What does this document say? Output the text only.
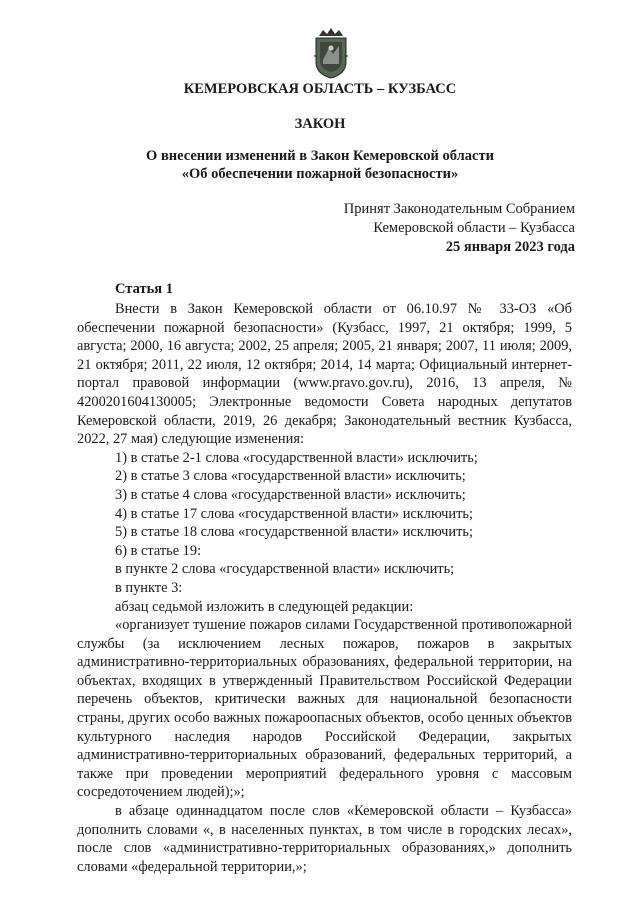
КЕМЕРОВСКАЯ ОБЛАСТЬ – КУЗБАСС
ЗАКОН
О внесении изменений в Закон Кемеровской области
«Об обеспечении пожарной безопасности»
Принят Законодательным Собранием
Кемеровской области – Кузбасса
25 января 2023 года
Статья 1

Внести в Закон Кемеровской области от 06.10.97 № 33-ОЗ «Об обеспечении пожарной безопасности» (Кузбасс, 1997, 21 октября; 1999, 5 августа; 2000, 16 августа; 2002, 25 апреля; 2005, 21 января; 2007, 11 июля; 2009, 21 октября; 2011, 22 июля, 12 октября; 2014, 14 марта; Официальный интернет-портал правовой информации (www.pravo.gov.ru), 2016, 13 апреля, № 4200201604130005; Электронные ведомости Совета народных депутатов Кемеровской области, 2019, 26 декабря; Законодательный вестник Кузбасса, 2022, 27 мая) следующие изменения:

1) в статье 2-1 слова «государственной власти» исключить;

2) в статье 3 слова «государственной власти» исключить;

3) в статье 4 слова «государственной власти» исключить;

4) в статье 17 слова «государственной власти» исключить;

5) в статье 18 слова «государственной власти» исключить;

6) в статье 19:

в пункте 2 слова «государственной власти» исключить;

в пункте 3:

абзац седьмой изложить в следующей редакции:

«организует тушение пожаров силами Государственной противопожарной службы (за исключением лесных пожаров, пожаров в закрытых административно-территориальных образованиях, федеральной территории, на объектах, входящих в утвержденный Правительством Российской Федерации перечень объектов, критически важных для национальной безопасности страны, других особо важных пожароопасных объектов, особо ценных объектов культурного наследия народов Российской Федерации, закрытых административно-территориальных образований, федеральных территорий, а также при проведении мероприятий федерального уровня с массовым сосредоточением людей);»;

в абзаце одиннадцатом после слов «Кемеровской области – Кузбасса» дополнить словами «, в населенных пунктах, в том числе в городских лесах», после слов «административно-территориальных образованиях,» дополнить словами «федеральной территории,»;
